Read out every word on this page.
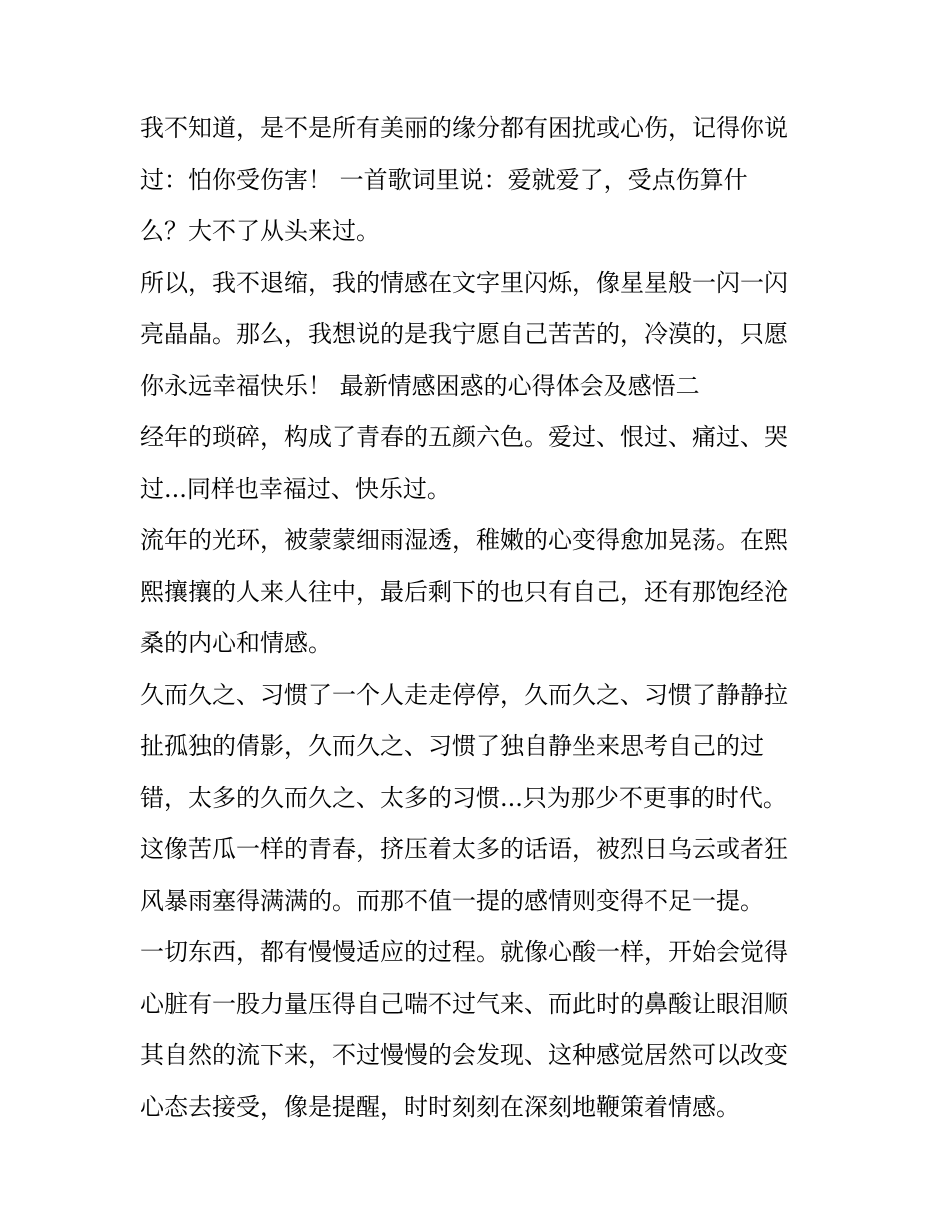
我不知道，是不是所有美丽的缘分都有困扰或心伤，记得你说
过：怕你受伤害！ 一首歌词里说：爱就爱了，受点伤算什
么？大不了从头来过。
所以，我不退缩，我的情感在文字里闪烁，像星星般一闪一闪
亮晶晶。那么，我想说的是我宁愿自己苦苦的，冷漠的，只愿
你永远幸福快乐！ 最新情感困惑的心得体会及感悟二
经年的琐碎，构成了青春的五颜六色。爱过、恨过、痛过、哭
过...同样也幸福过、快乐过。
流年的光环，被蒙蒙细雨湿透，稚嫩的心变得愈加晃荡。在熙
熙攘攘的人来人往中，最后剩下的也只有自己，还有那饱经沧
桑的内心和情感。
久而久之、习惯了一个人走走停停，久而久之、习惯了静静拉
扯孤独的倩影，久而久之、习惯了独自静坐来思考自己的过
错，太多的久而久之、太多的习惯...只为那少不更事的时代。
这像苦瓜一样的青春，挤压着太多的话语，被烈日乌云或者狂
风暴雨塞得满满的。而那不值一提的感情则变得不足一提。
一切东西，都有慢慢适应的过程。就像心酸一样，开始会觉得
心脏有一股力量压得自己喘不过气来、而此时的鼻酸让眼泪顺
其自然的流下来，不过慢慢的会发现、这种感觉居然可以改变
心态去接受，像是提醒，时时刻刻在深刻地鞭策着情感。
